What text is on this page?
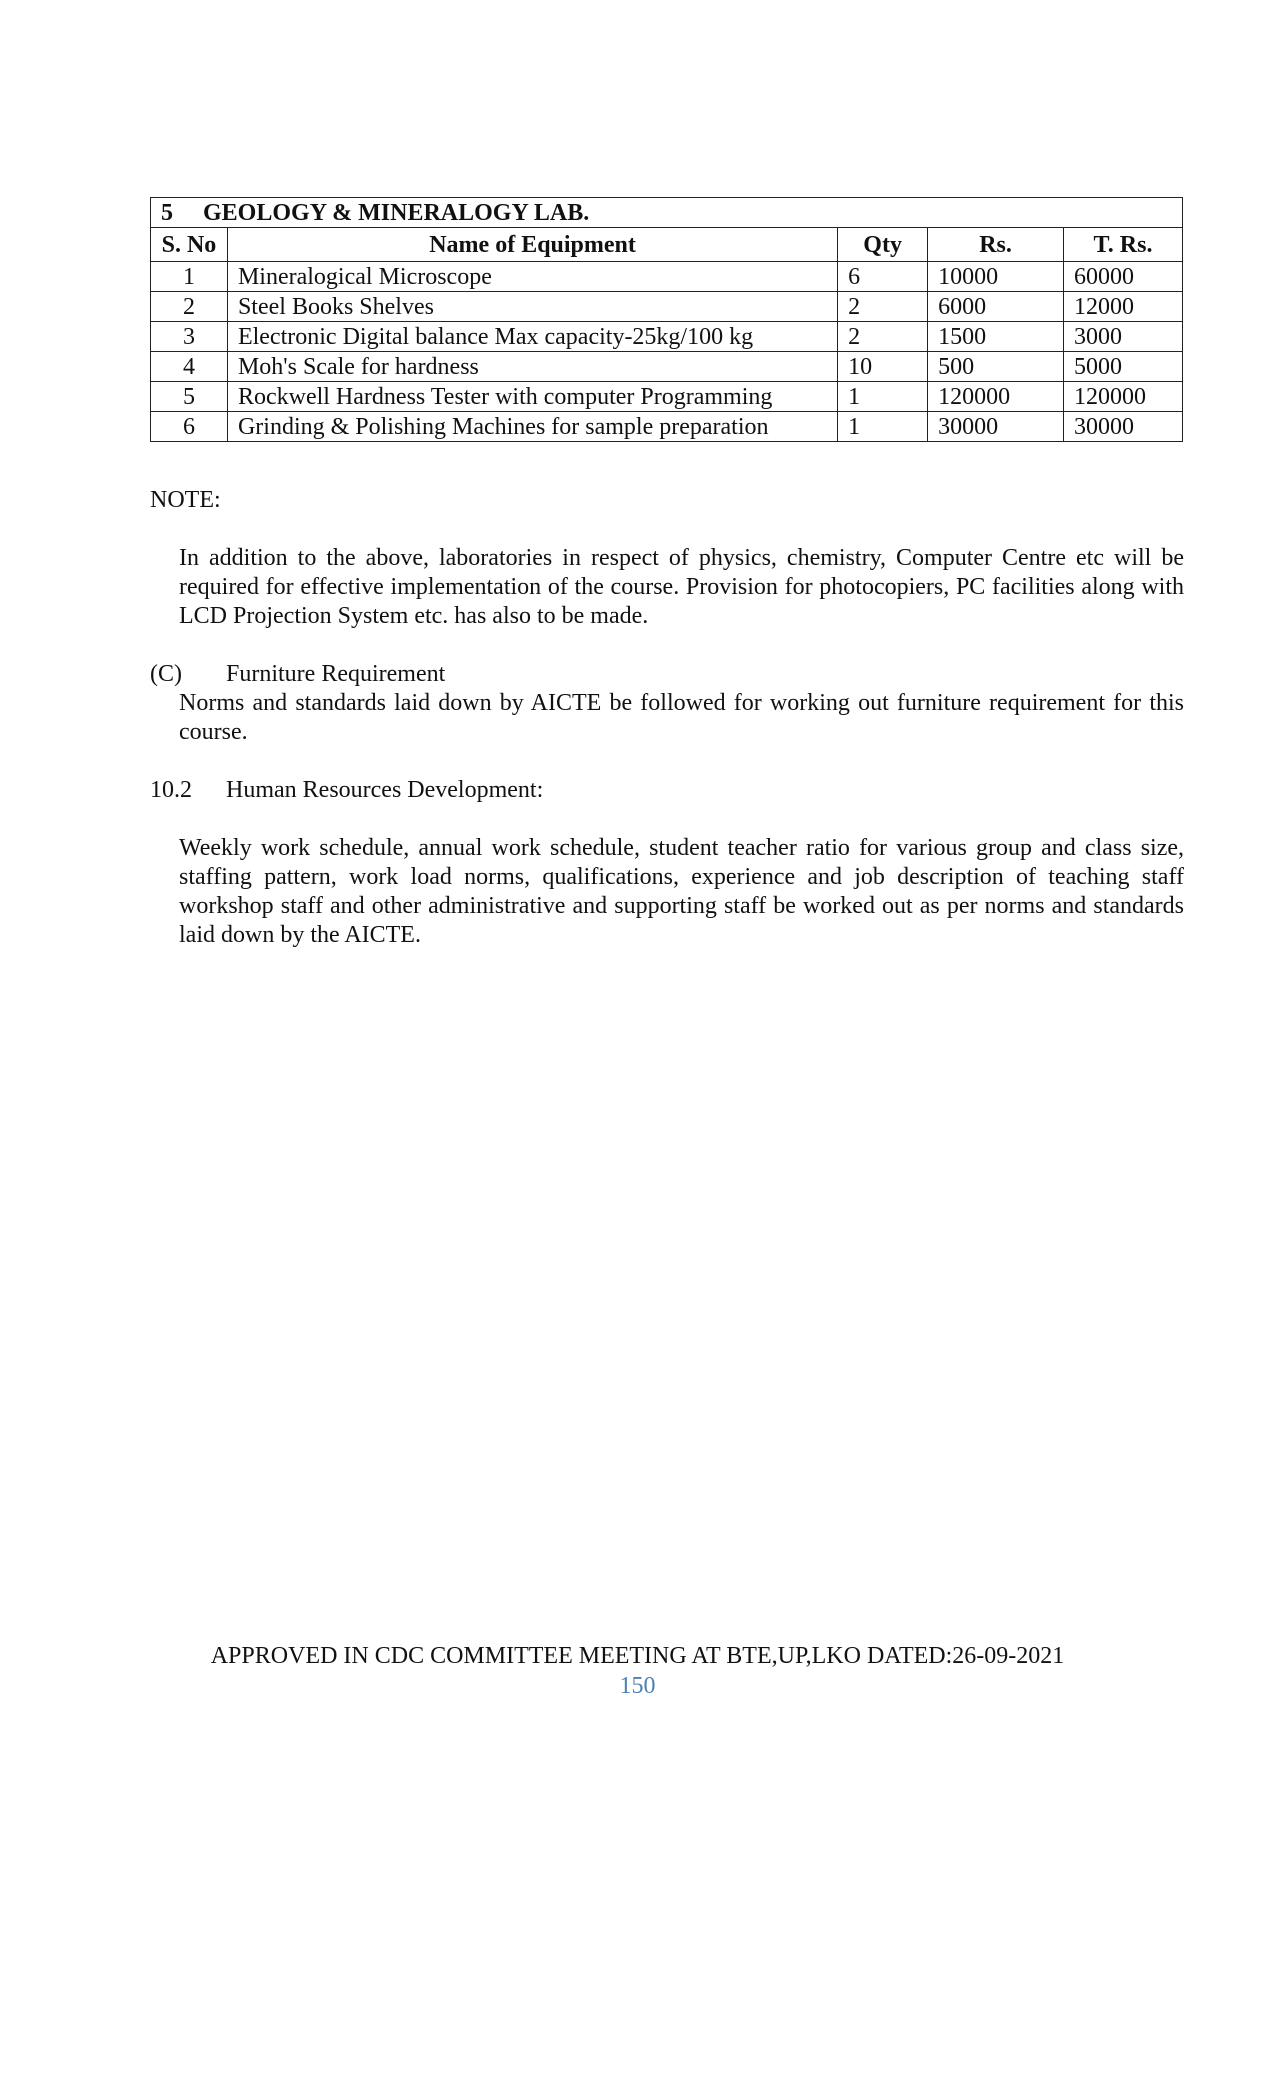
5 GEOLOGY & MINERALOGY LAB.				
S. No	Name of Equipment	Qty	Rs.	T. Rs.
1	Mineralogical Microscope	6	10000	60000
2	Steel Books Shelves	2	6000	12000
3	Electronic Digital balance Max capacity-25kg/100 kg	2	1500	3000
4	Moh's Scale for hardness	10	500	5000
5	Rockwell Hardness Tester with computer Programming	1	120000	120000
6	Grinding & Polishing Machines for sample preparation	1	30000	30000
NOTE:
In addition to the above, laboratories in respect of physics, chemistry, Computer Centre etc will be required for effective implementation of the course. Provision for photocopiers, PC facilities along with LCD Projection System etc. has also to be made.
(C) Furniture Requirement
Norms and standards laid down by AICTE be followed for working out furniture requirement for this course.
10.2 Human Resources Development:
Weekly work schedule, annual work schedule, student teacher ratio for various group and class size, staffing pattern, work load norms, qualifications, experience and job description of teaching staff workshop staff and other administrative and supporting staff be worked out as per norms and standards laid down by the AICTE.
APPROVED IN CDC COMMITTEE MEETING AT BTE,UP,LKO DATED:26-09-2021
150
